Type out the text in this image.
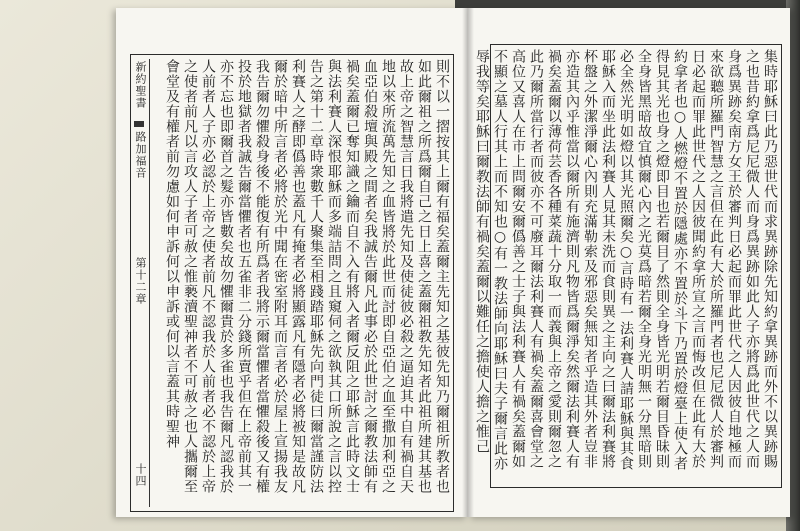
新約聖書
路加福音
第十二章
十四	則不以一摺按其上爾有福矣蓋爾主先知之基彼先知乃爾祖所教者也如此爾祖之所爲爾自己之日上喜之蓋爾祖教先知者此祖所建其基也故上帝之智慧言日我將遣先知及使徒彼必殺之逼迫其中自有禍自天地以來所流萬先知之血皆將於此世而討即自亞伯之血至撒加利亞之血亞伯殺壇與殿之間者矣我誠告爾凡此事必於此世討之爾教法師有禍矣蓋爾已奪知識之鑰而自不入有將入者爾反阻之耶穌言此時文士與法利賽人深恨耶穌而多端詰問之且窺伺之欲執其口所說之言以控告之第十二章時衆數千人聚集至相踐踏耶穌先向門徒曰爾當謹防法利賽人之酵即僞善也蓋凡有掩者必將顯露凡有隱者必將被知是故凡爾於暗中所言者必將於光中聞在密室附耳而言者必於屋上宣揚我友我告爾勿懼殺身後不能復有所爲者我將示爾當懼者當懼殺後又有權投於地獄者我誠告爾當懼者也五雀非二分錢所賣乎但在上帝前其一亦不忘也即爾首之髮亦皆數矣故勿懼爾貴於多雀也我告爾凡認我於人前者人子亦必認於上帝之使者前凡不認我於人前者必不認於上帝之使者前凡以言攻人子者可赦之惟褻瀆聖神者不可赦之也人攜爾至會堂及有權者前勿慮如何申訴何以申訴或何以言蓋其時聖神	集時耶穌曰此乃惡世代而求異跡除先知約拿異跡而外不以異跡賜之也昔約拿爲尼尼微人而身爲異跡如此人子亦將爲此世代之人而身爲異跡矣南方女王於審判日必起而罪此世代之人因彼自地極而來欲聽所羅門智慧之言但在此有大於所羅門者也尼尼微人於審判日必起而罪此世代之人因彼聞約拿所宣之言而悔改但在此有大於約拿者也○人燃燈不置於隱處亦不置於斗下乃置於燈臺上使入者得見其光也身之燈即目也若爾目了然則全身皆光明若爾目昏昧則全身皆黑暗故宜慎爾心內之光莫爲暗若爾全身光明無一分黑暗則必全然光明如燈以其光照爾矣○言時有一法利賽人請耶穌與其食耶穌入而坐此法利賽人見其未洗而食則異之主向之曰爾法利賽將杯盤之外潔淨爾心內則充滿勒索及邪惡矣無知者乎造其外者豈非亦造其內乎惟當以爾所有施濟則凡物皆爲爾淨矣然爾法利賽人有禍矣蓋爾以薄荷芸香各種菜蔬十分取一而義與上帝之愛則爾忽之此乃爾所當行者而彼亦不可廢耳爾法利賽人有禍矣蓋爾喜會堂之高位又喜人在市上問爾安爾僞善之士子與法利賽人有禍矣蓋爾如不顯之墓人行其上而不知也○有一教法師向耶穌曰夫子爾言此亦辱我等矣耶穌曰爾教法師有禍矣蓋爾以難任之擔使人擔之惟己
